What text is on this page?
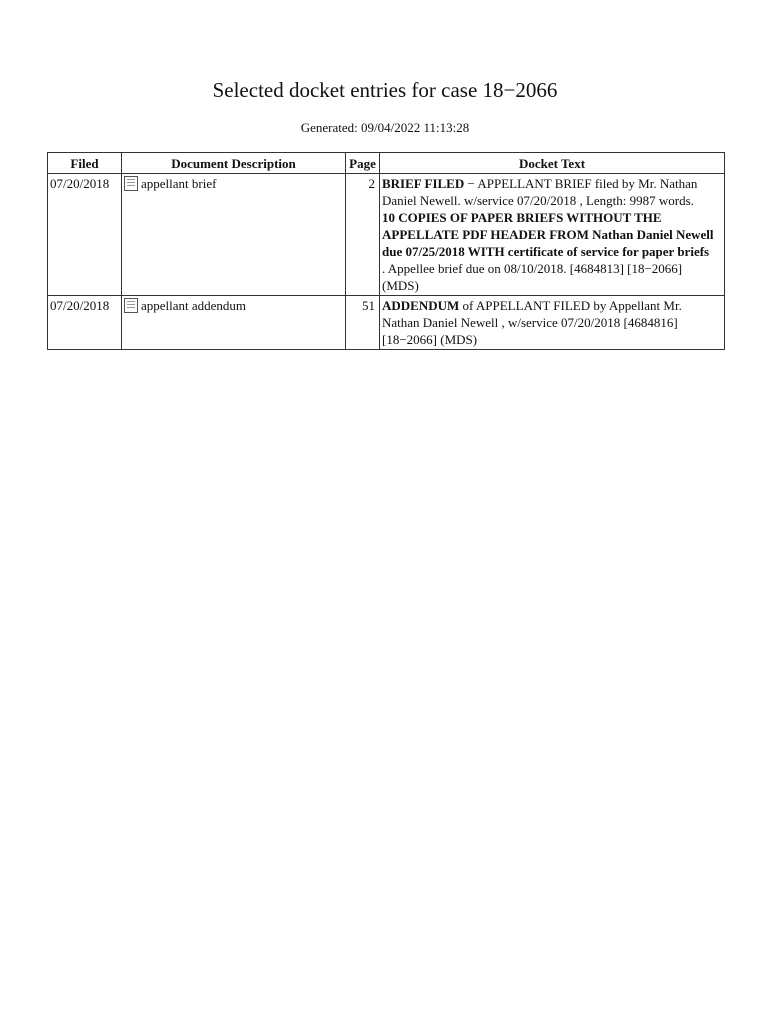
Selected docket entries for case 18−2066
Generated: 09/04/2022 11:13:28
Filed	Document Description	Page	Docket Text
07/20/2018	appellant brief	2	BRIEF FILED − APPELLANT BRIEF filed by Mr. Nathan Daniel Newell. w/service 07/20/2018 , Length: 9987 words.
10 COPIES OF PAPER BRIEFS WITHOUT THE APPELLATE PDF HEADER FROM Nathan Daniel Newell due 07/25/2018 WITH certificate of service for paper briefs
. Appellee brief due on 08/10/2018. [4684813] [18−2066] (MDS)
07/20/2018	appellant addendum	51	ADDENDUM of APPELLANT FILED by Appellant Mr. Nathan Daniel Newell , w/service 07/20/2018 [4684816] [18−2066] (MDS)
